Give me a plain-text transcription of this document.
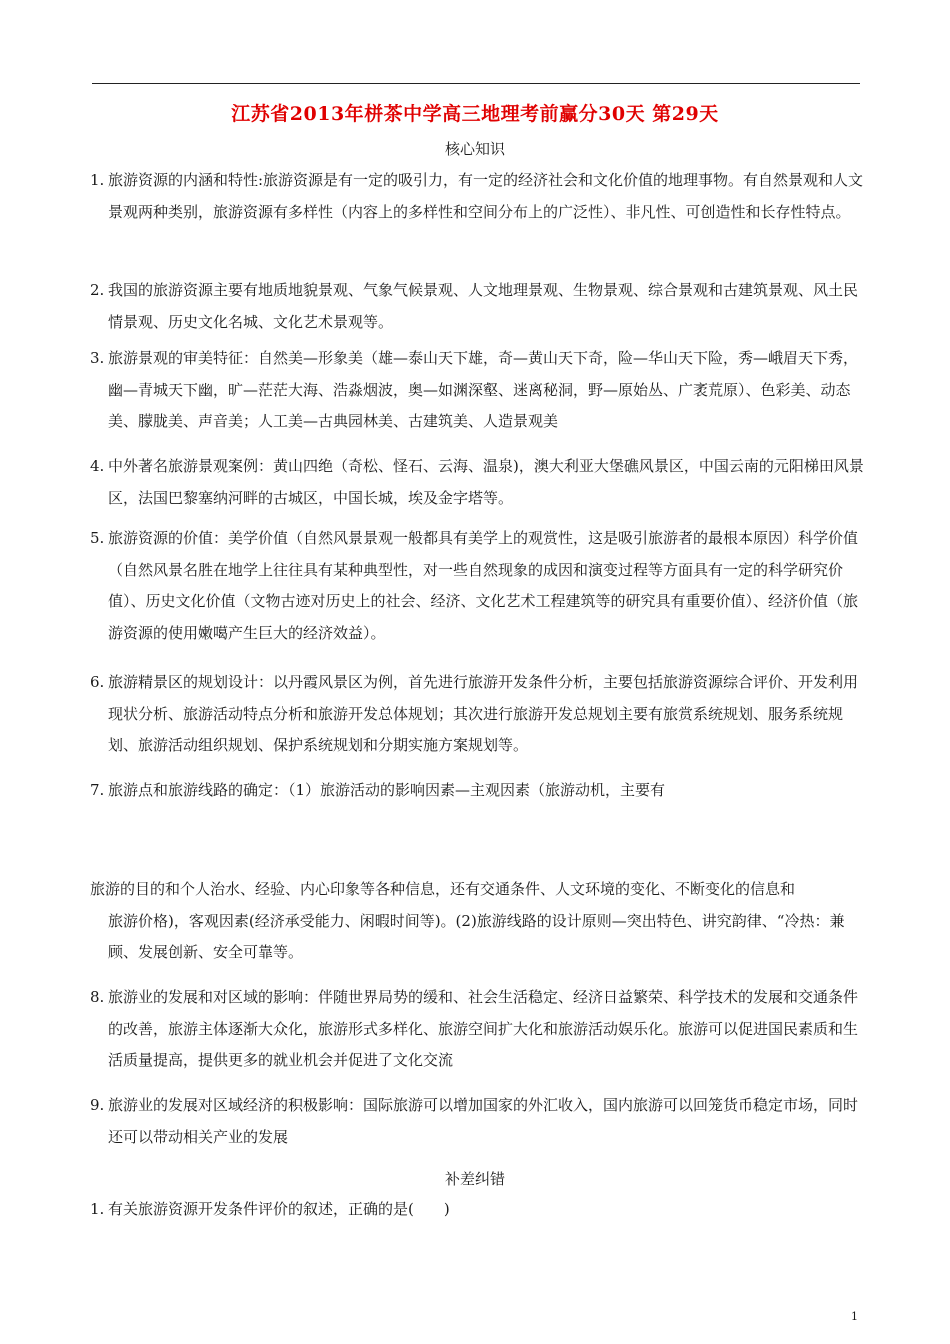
江苏省2013年栟茶中学高三地理考前赢分30天 第29天
核心知识
1. 旅游资源的内涵和特性:旅游资源是有一定的吸引力，有一定的经济社会和文化价值的地理事物。有自然景观和人文景观两种类别，旅游资源有多样性（内容上的多样性和空间分布上的广泛性）、非凡性、可创造性和长存性特点。
2. 我国的旅游资源主要有地质地貌景观、气象气候景观、人文地理景观、生物景观、综合景观和古建筑景观、风土民情景观、历史文化名城、文化艺术景观等。
3. 旅游景观的审美特征：自然美—形象美（雄—泰山天下雄，奇—黄山天下奇，险—华山天下险，秀—峨眉天下秀，幽—青城天下幽，旷—茫茫大海、浩淼烟波，奥—如渊深壑、迷离秘洞，野—原始丛、广袤荒原）、色彩美、动态美、朦胧美、声音美；人工美—古典园林美、古建筑美、人造景观美
4. 中外著名旅游景观案例：黄山四绝（奇松、怪石、云海、温泉)，澳大利亚大堡礁风景区，中国云南的元阳梯田风景区，法国巴黎塞纳河畔的古城区，中国长城，埃及金字塔等。
5. 旅游资源的价值：美学价值（自然风景景观一般都具有美学上的观赏性，这是吸引旅游者的最根本原因）科学价值（自然风景名胜在地学上往往具有某种典型性，对一些自然现象的成因和演变过程等方面具有一定的科学研究价值）、历史文化价值（文物古迹对历史上的社会、经济、文化艺术工程建筑等的研究具有重要价值）、经济价值（旅游资源的使用嫩噶产生巨大的经济效益）。
6. 旅游精景区的规划设计：以丹霞风景区为例，首先进行旅游开发条件分析，主要包括旅游资源综合评价、开发利用现状分析、旅游活动特点分析和旅游开发总体规划；其次进行旅游开发总规划主要有旅赏系统规划、服务系统规划、旅游活动组织规划、保护系统规划和分期实施方案规划等。
7. 旅游点和旅游线路的确定：（1）旅游活动的影响因素—主观因素（旅游动机，主要有
旅游的目的和个人治水、经验、内心印象等各种信息，还有交通条件、人文环境的变化、不断变化的信息和
旅游价格)，客观因素(经济承受能力、闲暇时间等)。(2)旅游线路的设计原则—突出特色、讲究韵律、“冷热：兼顾、发展创新、安全可靠等。
8. 旅游业的发展和对区域的影响：伴随世界局势的缓和、社会生活稳定、经济日益繁荣、科学技术的发展和交通条件的改善，旅游主体逐渐大众化，旅游形式多样化、旅游空间扩大化和旅游活动娱乐化。旅游可以促进国民素质和生活质量提高，提供更多的就业机会并促进了文化交流
9. 旅游业的发展对区域经济的积极影响：国际旅游可以增加国家的外汇收入，国内旅游可以回笼货币稳定市场，同时还可以带动相关产业的发展
补差纠错
1. 有关旅游资源开发条件评价的叙述，正确的是(　　)
1
